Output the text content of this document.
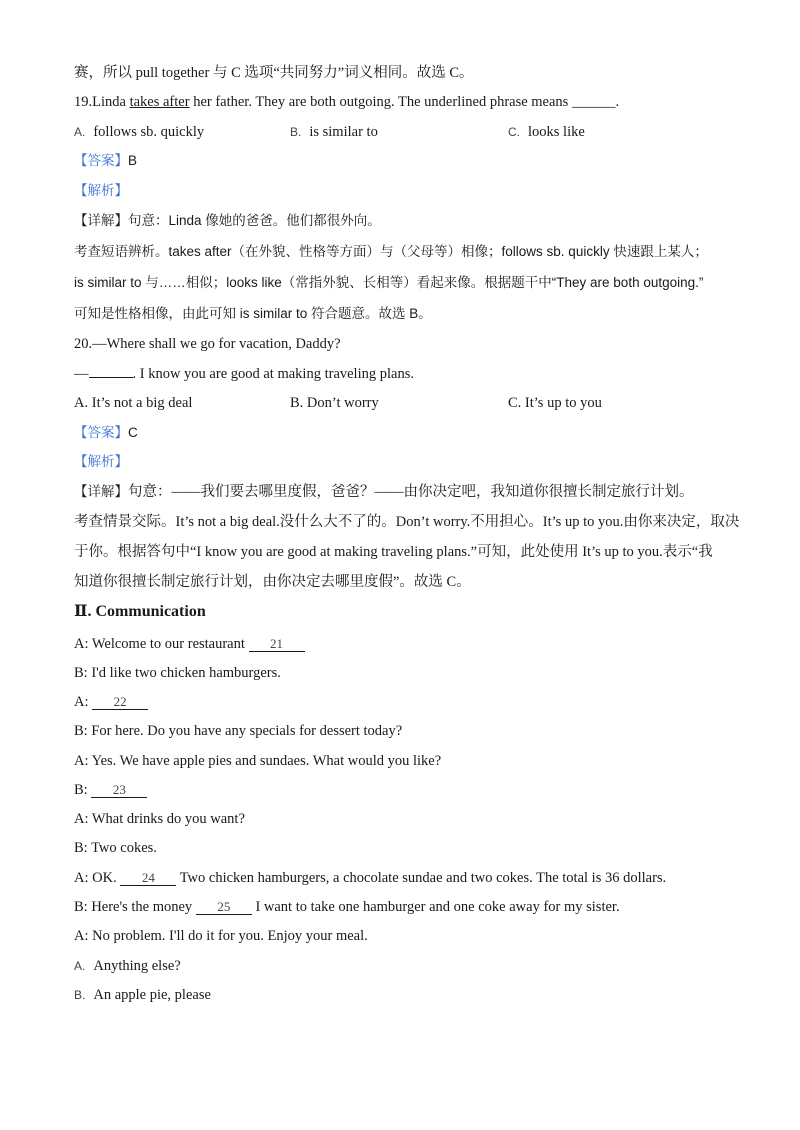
赛，所以 pull together 与 C 选项“共同努力”词义相同。故选 C。
19.Linda takes after her father. They are both outgoing. The underlined phrase means ______.
A. follows sb. quickly	B. is similar to	C. looks like
【答案】B
【解析】
【详解】句意：Linda 像她的爸爸。他们都很外向。
考查短语辨析。takes after（在外貌、性格等方面）与（父母等）相像；follows sb. quickly 快速跟上某人；
is similar to 与……相似；looks like（常指外貌、长相等）看起来像。根据题干中“They are both outgoing.”
可知是性格相像，由此可知 is similar to 符合题意。故选 B。
20.—Where shall we go for vacation, Daddy?
—	. I know you are good at making traveling plans.
A. It’s not a big deal	B. Don’t worry	C. It’s up to you
【答案】C
【解析】
【详解】句意：——我们要去哪里度假，爸爸？——由你决定吧，我知道你很擅长制定旅行计划。
考查情景交际。It’s not a big deal.没什么大不了的。Don’t worry.不用担心。It’s up to you.由你来决定，取决
于你。根据答句中“I know you are good at making traveling plans.”可知，此处使用 It’s up to you.表示“我
知道你很擅长制定旅行计划，由你决定去哪里度假”。故选 C。
Ⅱ. Communication
A: Welcome to our restaurant 21
B: I'd like two chicken hamburgers.
A: 22
B: For here. Do you have any specials for dessert today?
A: Yes. We have apple pies and sundaes. What would you like?
B: 23
A: What drinks do you want?
B: Two cokes.
A: OK. 24 Two chicken hamburgers, a chocolate sundae and two cokes. The total is 36 dollars.
B: Here's the money 25 I want to take one hamburger and one coke away for my sister.
A: No problem. I'll do it for you. Enjoy your meal.
A. Anything else?
B. An apple pie, please
